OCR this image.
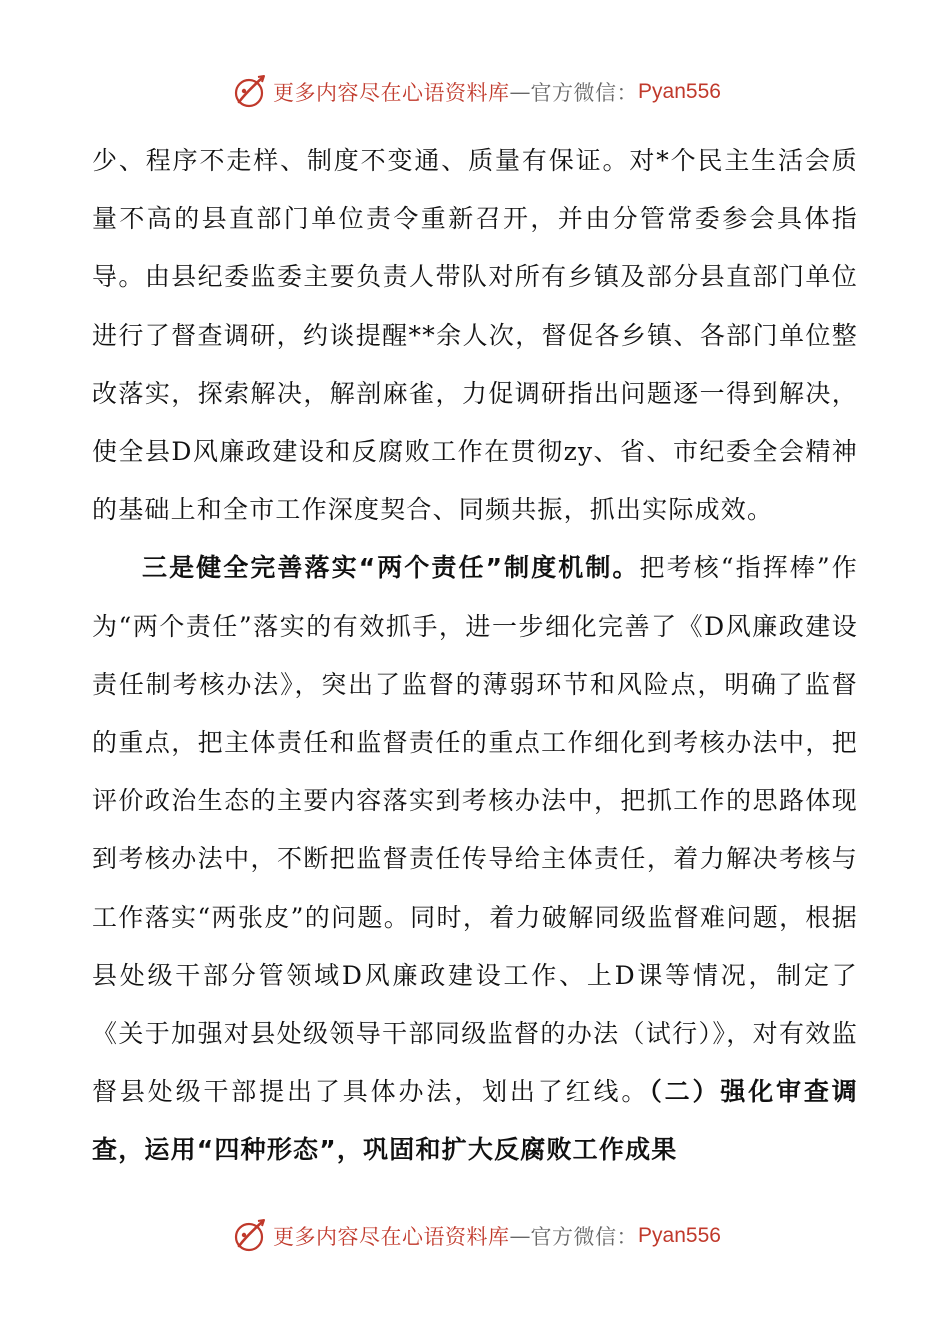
更多内容尽在心语资料库 — 官方微信： Pyan556

少、程序不走样、制度不变通、质量有保证。对*个民主生活会质量不高的县直部门单位责令重新召开，并由分管常委参会具体指导。由县纪委监委主要负责人带队对所有乡镇及部分县直部门单位进行了督查调研，约谈提醒**余人次，督促各乡镇、各部门单位整改落实，探索解决，解剖麻雀，力促调研指出问题逐一得到解决，使全县D风廉政建设和反腐败工作在贯彻zy、省、市纪委全会精神的基础上和全市工作深度契合、同频共振，抓出实际成效。

三是健全完善落实“两个责任”制度机制。把考核“指挥棒”作为“两个责任”落实的有效抓手，进一步细化完善了《D风廉政建设责任制考核办法》，突出了监督的薄弱环节和风险点，明确了监督的重点，把主体责任和监督责任的重点工作细化到考核办法中，把评价政治生态的主要内容落实到考核办法中，把抓工作的思路体现到考核办法中，不断把监督责任传导给主体责任，着力解决考核与工作落实“两张皮”的问题。同时，着力破解同级监督难问题，根据县处级干部分管领域D风廉政建设工作、上D课等情况，制定了《关于加强对县处级领导干部同级监督的办法（试行）》，对有效监督县处级干部提出了具体办法，划出了红线。（二）强化审查调查，运用“四种形态”，巩固和扩大反腐败工作成果

更多内容尽在心语资料库 — 官方微信： Pyan556
